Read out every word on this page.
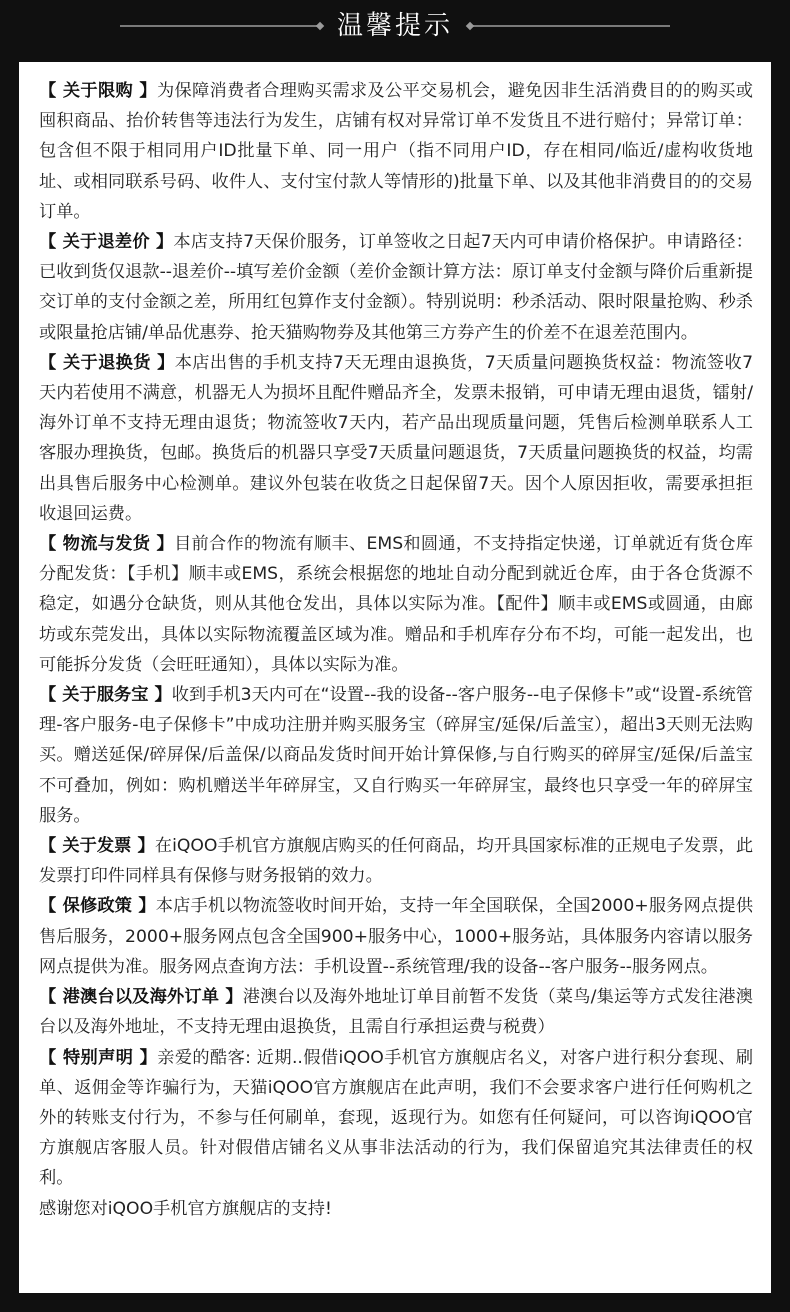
温馨提示

【 关于限购 】为保障消费者合理购买需求及公平交易机会，避免因非生活消费目的的购买或囤积商品、抬价转售等违法行为发生，店铺有权对异常订单不发货且不进行赔付；异常订单：包含但不限于相同用户ID批量下单、同一用户（指不同用户ID，存在相同/临近/虚构收货地址、或相同联系号码、收件人、支付宝付款人等情形的)批量下单、以及其他非消费目的的交易订单。

【 关于退差价 】本店支持7天保价服务，订单签收之日起7天内可申请价格保护。申请路径：已收到货仅退款--退差价--填写差价金额（差价金额计算方法：原订单支付金额与降价后重新提交订单的支付金额之差，所用红包算作支付金额）。特别说明：秒杀活动、限时限量抢购、秒杀或限量抢店铺/单品优惠券、抢天猫购物券及其他第三方券产生的价差不在退差范围内。

【 关于退换货 】本店出售的手机支持7天无理由退换货，7天质量问题换货权益：物流签收7天内若使用不满意，机器无人为损坏且配件赠品齐全，发票未报销，可申请无理由退货，镭射/海外订单不支持无理由退货；物流签收7天内，若产品出现质量问题，凭售后检测单联系人工客服办理换货，包邮。换货后的机器只享受7天质量问题退货，7天质量问题换货的权益，均需出具售后服务中心检测单。建议外包装在收货之日起保留7天。因个人原因拒收，需要承担拒收退回运费。

【 物流与发货 】目前合作的物流有顺丰、EMS和圆通，不支持指定快递，订单就近有货仓库分配发货：【手机】顺丰或EMS，系统会根据您的地址自动分配到就近仓库，由于各仓货源不稳定，如遇分仓缺货，则从其他仓发出，具体以实际为准。【配件】顺丰或EMS或圆通，由廊坊或东莞发出，具体以实际物流覆盖区域为准。赠品和手机库存分布不均，可能一起发出，也可能拆分发货（会旺旺通知），具体以实际为准。

【 关于服务宝 】收到手机3天内可在“设置--我的设备--客户服务--电子保修卡”或“设置-系统管理-客户服务-电子保修卡”中成功注册并购买服务宝（碎屏宝/延保/后盖宝），超出3天则无法购买。赠送延保/碎屏保/后盖保/以商品发货时间开始计算保修,与自行购买的碎屏宝/延保/后盖宝不可叠加，例如：购机赠送半年碎屏宝，又自行购买一年碎屏宝，最终也只享受一年的碎屏宝服务。

【 关于发票 】在iQOO手机官方旗舰店购买的任何商品，均开具国家标准的正规电子发票，此发票打印件同样具有保修与财务报销的效力。

【 保修政策 】本店手机以物流签收时间开始，支持一年全国联保，全国2000+服务网点提供售后服务，2000+服务网点包含全国900+服务中心，1000+服务站，具体服务内容请以服务网点提供为准。服务网点查询方法：手机设置--系统管理/我的设备--客户服务--服务网点。

【 港澳台以及海外订单 】港澳台以及海外地址订单目前暂不发货（菜鸟/集运等方式发往港澳台以及海外地址，不支持无理由退换货，且需自行承担运费与税费）

【 特别声明 】亲爱的酷客: 近期..假借iQOO手机官方旗舰店名义，对客户进行积分套现、刷单、返佣金等诈骗行为，天猫iQOO官方旗舰店在此声明，我们不会要求客户进行任何购机之外的转账支付行为，不参与任何刷单，套现，返现行为。如您有任何疑问，可以咨询iQOO官方旗舰店客服人员。针对假借店铺名义从事非法活动的行为，我们保留追究其法律责任的权利。

感谢您对iQOO手机官方旗舰店的支持!
